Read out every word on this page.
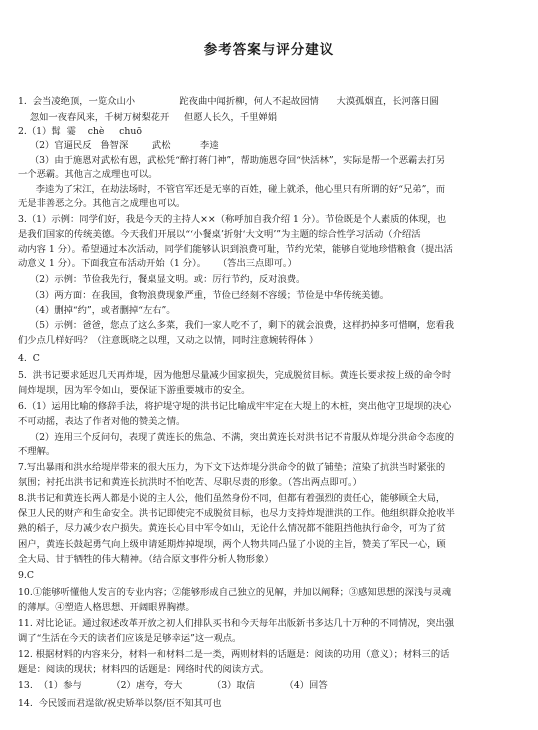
参考答案与评分建议
1.  会当凌绝顶，一览众山小               跎夜曲中闻折柳，何人不起故园情      大漠孤烟直，长河落日圆
忽如一夜春风来，千树万树梨花开     但愿人长久，千里婵娟
2.（1）髯  霎    chè     chuō
（2）官逼民反   鲁智深        武松          李逵
（3）由于施恩对武松有恩，武松凭“醉打蒋门神”，帮助施恩夺回“快活林”，实际是帮一个恶霸去打另
一个恶霸。其他言之成理也可以。
李逵为了宋江，在劫法场时，不管官军还是无辜的百姓，碰上就杀，他心里只有所谓的好“兄弟”，而
无是非善恶之分。其他言之成理也可以。
3.（1）示例：同学们好，我是今天的主持人××（称呼加自我介绍 1 分）。节俭既是个人素质的体现，也
是我们国家的传统美德。今天我们开展以“‘小餐桌’折射‘大文明’”为主题的综合性学习活动（介绍活
动内容 1 分）。希望通过本次活动，同学们能够认识到浪费可耻，节约光荣，能够自觉地珍惜粮食（提出活
动意义 1 分）。下面我宣布活动开始（1 分）。    （答出三点即可。）
（2）示例：节俭我先行，餐桌显文明。或：厉行节约，反对浪费。
（3）两方面：在我国，食物浪费现象严重，节俭已经刻不容缓；节俭是中华传统美德。
（4）删掉“约”，或者删掉“左右”。
（5）示例：爸爸，您点了这么多菜，我们一家人吃不了，剩下的就会浪费，这样扔掉多可惜啊，您看我
们少点几样好吗？（注意既晓之以理，又动之以情，同时注意婉转得体 ）
4.  C
5.  洪书记要求延迟几天再炸堤，因为他想尽量减少国家损失，完成脱贫目标。黄连长要求按上级的命令时
间炸堤坝，因为军令如山，要保证下游重要城市的安全。
6.（1）运用比喻的修辞手法，将护堤守堤的洪书记比喻成牢牢定在大堤上的木桩，突出他守卫堤坝的决心
不可动摇，表达了作者对他的赞美之情。
（2）连用三个反问句，表现了黄连长的焦急、不满，突出黄连长对洪书记不肯服从炸堤分洪命令态度的
不理解。
7.写出暴雨和洪水给堤岸带来的很大压力，为下文下达炸堤分洪命令的做了铺垫；渲染了抗洪当时紧张的
氛围；衬托出洪书记和黄连长抗洪时不怕吃苦、尽职尽责的形象。（答出两点即可。）
8.洪书记和黄连长两人都是小说的主人公，他们虽然身份不同，但都有着强烈的责任心，能够顾全大局，
保卫人民的财产和生命安全。洪书记即使完不成脱贫目标，也尽力支持炸堤泄洪的工作。他组织群众抢收半
熟的稻子，尽力减少农户损失。黄连长心目中军令如山，无论什么情况都不能阻挡他执行命令，可为了贫
困户，黄连长鼓起勇气向上级申请延期炸掉堤坝，两个人物共同凸显了小说的主旨，赞美了军民一心，顾
全大局、甘于牺牲的伟大精神。（结合原文事件分析人物形象）
9.C
10.①能够听懂他人发言的专业内容；②能够形成自己独立的见解，并加以阐释；③感知思想的深浅与灵魂
的薄厚。④塑造人格思想、开阔眼界胸襟。
11. 对比论证。通过叙述改革开放之初人们排队买书和今天每年出版新书多达几十万种的不同情况，突出强
调了“生活在今天的读者们应该是足够幸运”这一观点。
12. 根据材料的内容来分，材料一和材料二是一类，两则材料的话题是：阅读的功用（意义）；材料三的话
题是：阅读的现状；材料四的话题是：网络时代的阅读方式。
13.  （1）参与          （2）虐夸，夸大          （3）取信          （4）回答
14.  今民馁而君逞欲/祝史矫举以祭/臣不知其可也
